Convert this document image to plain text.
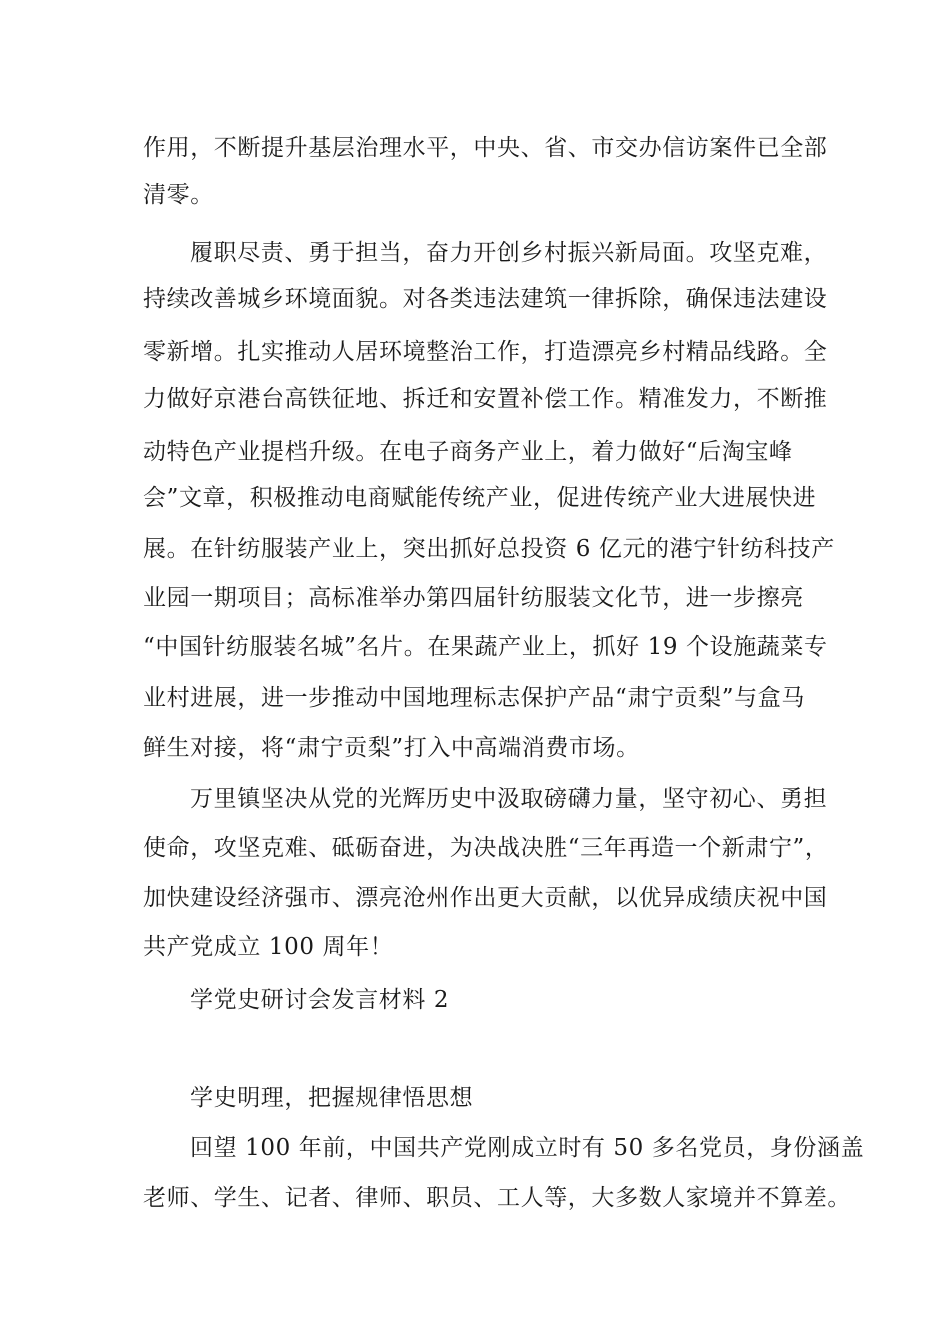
作用，不断提升基层治理水平，中央、省、市交办信访案件已全部
清零。
履职尽责、勇于担当，奋力开创乡村振兴新局面。攻坚克难，
持续改善城乡环境面貌。对各类违法建筑一律拆除，确保违法建设
零新增。扎实推动人居环境整治工作，打造漂亮乡村精品线路。全
力做好京港台高铁征地、拆迁和安置补偿工作。精准发力，不断推
动特色产业提档升级。在电子商务产业上，着力做好“后淘宝峰
会”文章，积极推动电商赋能传统产业，促进传统产业大进展快进
展。在针纺服装产业上，突出抓好总投资 6 亿元的港宁针纺科技产
业园一期项目；高标准举办第四届针纺服装文化节，进一步擦亮
“中国针纺服装名城”名片。在果蔬产业上，抓好 19 个设施蔬菜专
业村进展，进一步推动中国地理标志保护产品“肃宁贡梨”与盒马
鲜生对接，将“肃宁贡梨”打入中高端消费市场。
万里镇坚决从党的光辉历史中汲取磅礴力量，坚守初心、勇担
使命，攻坚克难、砥砺奋进，为决战决胜“三年再造一个新肃宁”，
加快建设经济强市、漂亮沧州作出更大贡献，以优异成绩庆祝中国
共产党成立 100 周年！
学党史研讨会发言材料 2
学史明理，把握规律悟思想
回望 100 年前，中国共产党刚成立时有 50 多名党员，身份涵盖
老师、学生、记者、律师、职员、工人等，大多数人家境并不算差。
